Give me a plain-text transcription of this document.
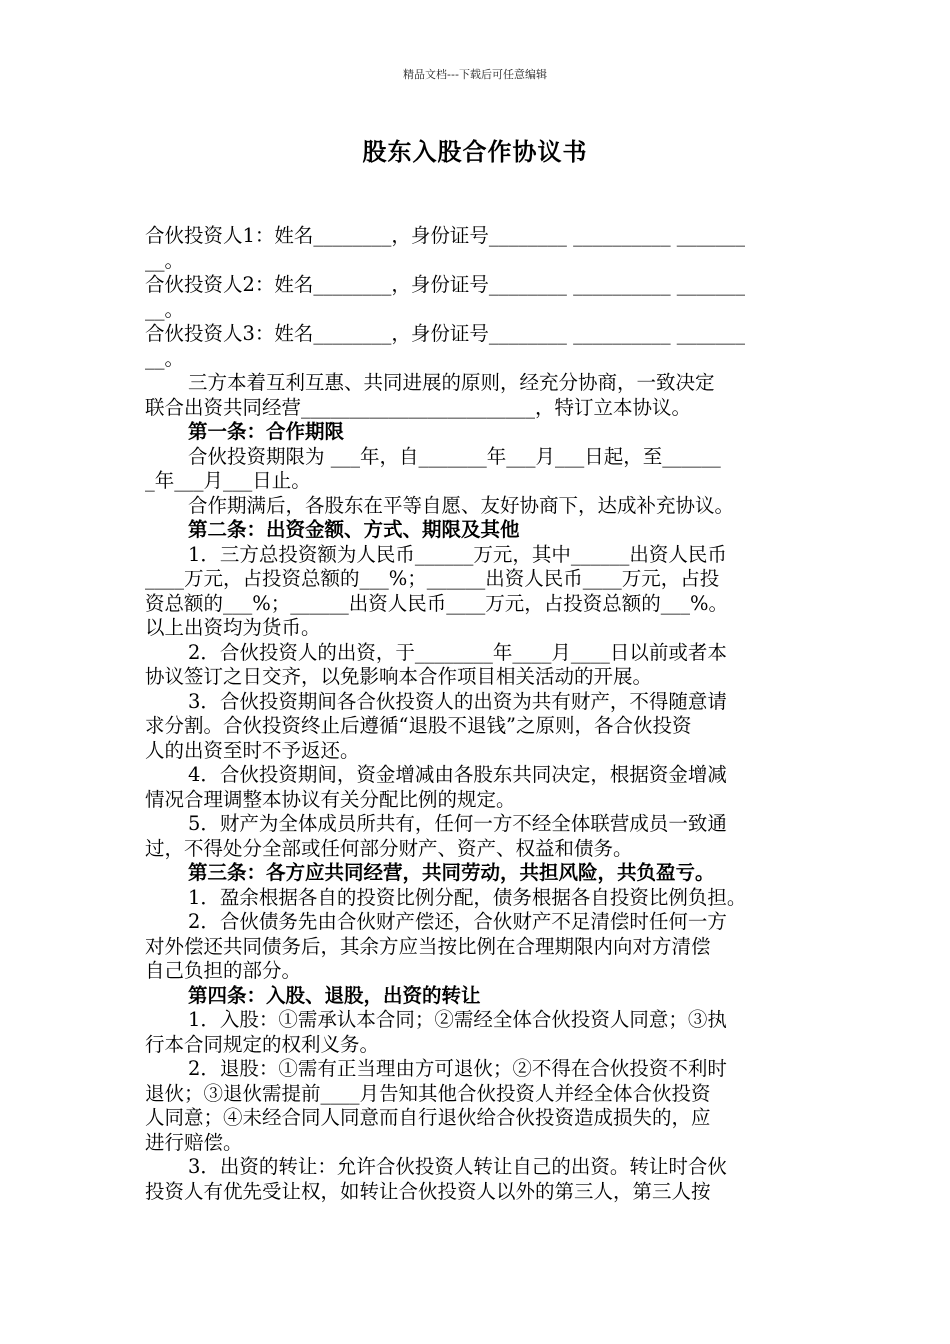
精品文档---下载后可任意编辑
股东入股合作协议书
合伙投资人1：姓名________，身份证号________ __________ _______
__。
合伙投资人2：姓名________，身份证号________ __________ _______
__。
合伙投资人3：姓名________，身份证号________ __________ _______
__。
三方本着互利互惠、共同进展的原则，经充分协商，一致决定
联合出资共同经营________________________，特订立本协议。
第一条：合作期限
合伙投资期限为 ___年，自_______年___月___日起，至______
_年___月___日止。
合作期满后，各股东在平等自愿、友好协商下，达成补充协议。
第二条：出资金额、方式、期限及其他
1．三方总投资额为人民币______万元，其中______出资人民币
____万元，占投资总额的___%；______出资人民币____万元，占投
资总额的___%；______出资人民币____万元，占投资总额的___%。
以上出资均为货币。
2．合伙投资人的出资，于________年____月____日以前或者本
协议签订之日交齐，以免影响本合作项目相关活动的开展。
3．合伙投资期间各合伙投资人的出资为共有财产，不得随意请
求分割。合伙投资终止后遵循“退股不退钱”之原则，各合伙投资
人的出资至时不予返还。
4．合伙投资期间，资金增减由各股东共同决定，根据资金增减
情况合理调整本协议有关分配比例的规定。
5．财产为全体成员所共有，任何一方不经全体联营成员一致通
过，不得处分全部或任何部分财产、资产、权益和债务。
第三条：各方应共同经营，共同劳动，共担风险，共负盈亏。
1．盈余根据各自的投资比例分配，债务根据各自投资比例负担。
2．合伙债务先由合伙财产偿还，合伙财产不足清偿时任何一方
对外偿还共同债务后，其余方应当按比例在合理期限内向对方清偿
自己负担的部分。
第四条：入股、退股，出资的转让
1．入股：①需承认本合同；②需经全体合伙投资人同意；③执
行本合同规定的权利义务。
2．退股：①需有正当理由方可退伙；②不得在合伙投资不利时
退伙；③退伙需提前____月告知其他合伙投资人并经全体合伙投资
人同意；④未经合同人同意而自行退伙给合伙投资造成损失的，应
进行赔偿。
3．出资的转让：允许合伙投资人转让自己的出资。转让时合伙
投资人有优先受让权，如转让合伙投资人以外的第三人，第三人按
